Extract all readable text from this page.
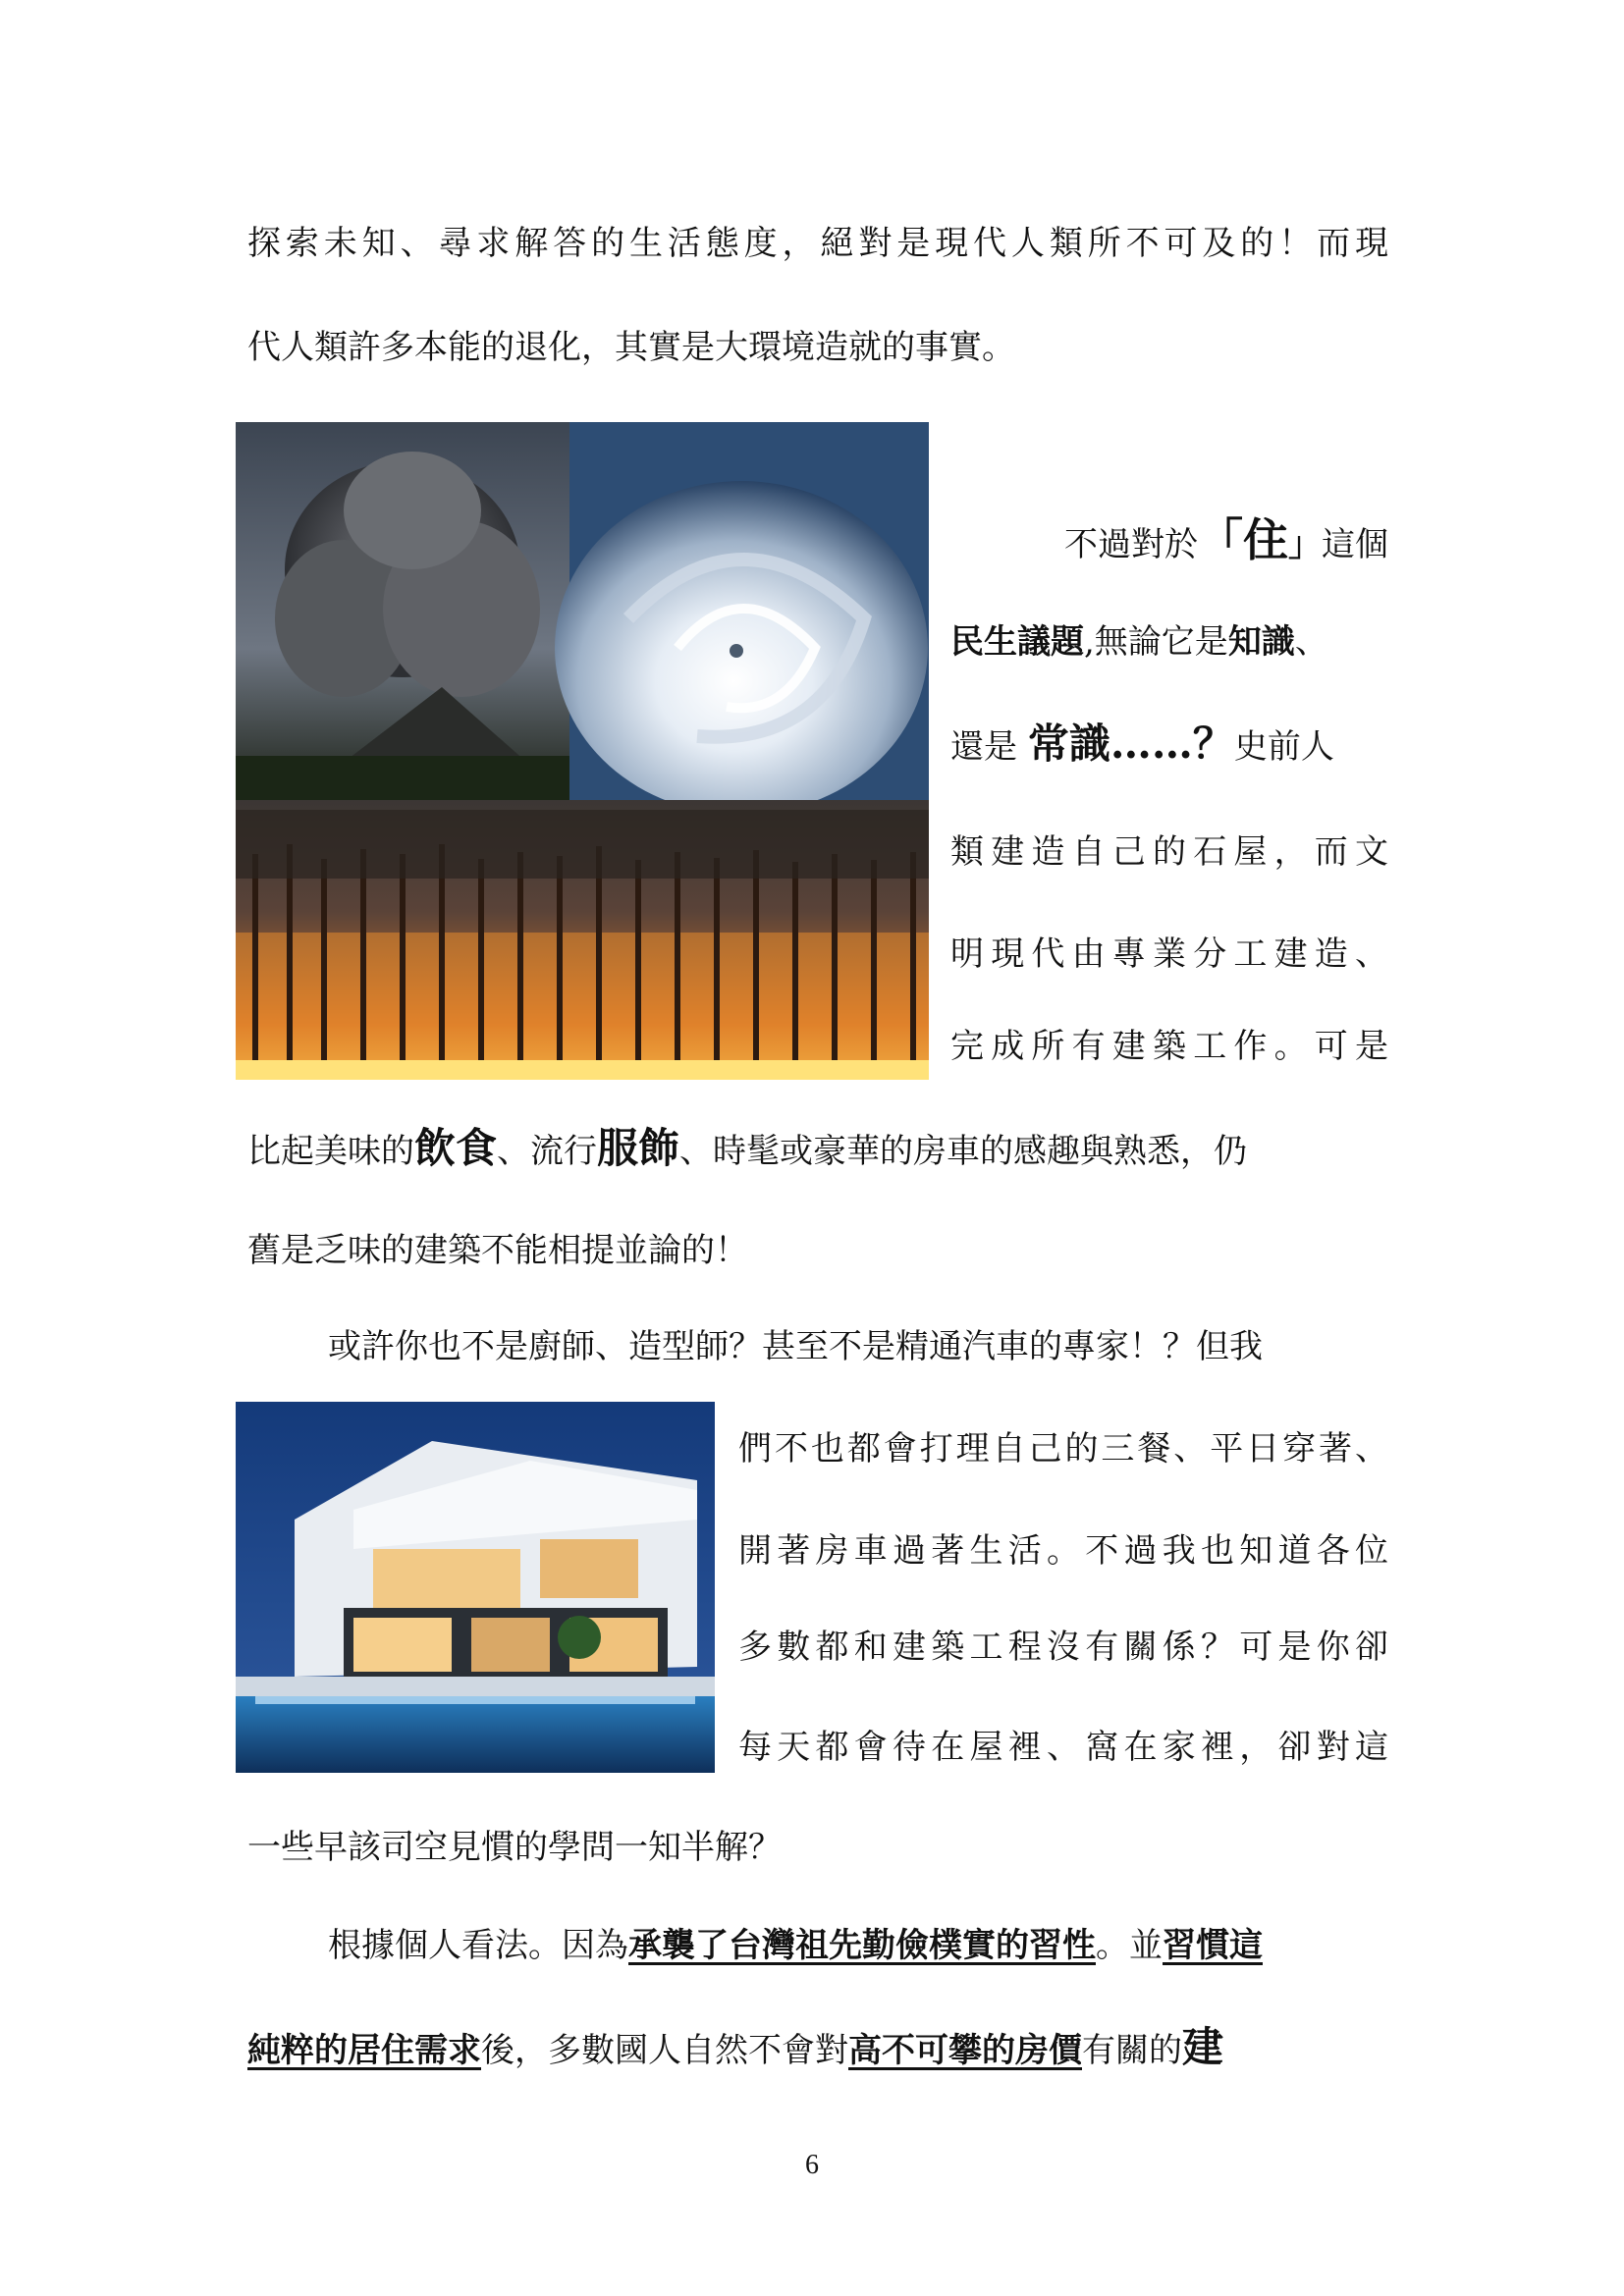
探索未知、尋求解答的生活態度，絕對是現代人類所不可及的！而現
代人類許多本能的退化，其實是大環境造就的事實。
不過對於「住」這個
民生議題,無論它是知識、
還是 常識……？史前人
類建造自己的石屋，而文
明現代由專業分工建造、
完成所有建築工作。可是
比起美味的飲食、流行服飾、時髦或豪華的房車的感趣與熟悉，仍
舊是乏味的建築不能相提並論的！
或許你也不是廚師、造型師？甚至不是精通汽車的專家！？但我
們不也都會打理自己的三餐、平日穿著、
開著房車過著生活。不過我也知道各位
多數都和建築工程沒有關係？可是你卻
每天都會待在屋裡、窩在家裡，卻對這
一些早該司空見慣的學問一知半解？
根據個人看法。因為承襲了台灣祖先勤儉樸實的習性。並習慣這
純粹的居住需求後，多數國人自然不會對高不可攀的房價有關的建
6
